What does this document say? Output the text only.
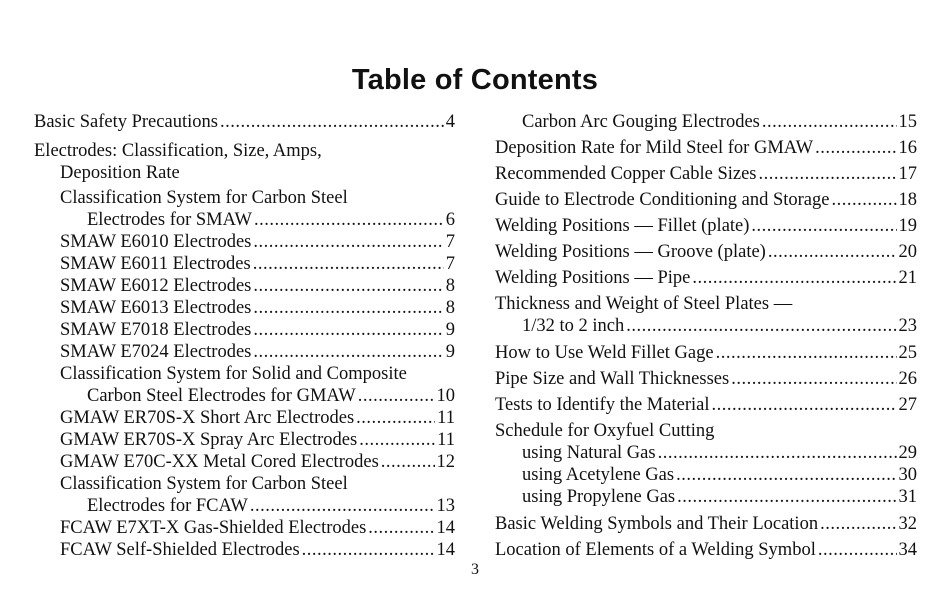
Table of Contents
Basic Safety Precautions .....	4
Electrodes: Classification, Size, Amps,
Deposition Rate
Classification System for Carbon Steel
Electrodes for SMAW .....	6
SMAW E6010 Electrodes .....	7
SMAW E6011 Electrodes .....	7
SMAW E6012 Electrodes .....	8
SMAW E6013 Electrodes .....	8
SMAW E7018 Electrodes .....	9
SMAW E7024 Electrodes .....	9
Classification System for Solid and Composite
Carbon Steel Electrodes for GMAW .....	10
GMAW ER70S-X Short Arc Electrodes .....	11
GMAW ER70S-X Spray Arc Electrodes .....	11
GMAW E70C-XX Metal Cored Electrodes .....	12
Classification System for Carbon Steel
Electrodes for FCAW .....	13
FCAW E7XT-X Gas-Shielded Electrodes .....	14
FCAW Self-Shielded Electrodes .....	14
Carbon Arc Gouging Electrodes .....	15
Deposition Rate for Mild Steel for GMAW .....	16
Recommended Copper Cable Sizes .....	17
Guide to Electrode Conditioning and Storage .....	18
Welding Positions — Fillet (plate) .....	19
Welding Positions — Groove (plate) .....	20
Welding Positions — Pipe .....	21
Thickness and Weight of Steel Plates —
1/32 to 2 inch .....	23
How to Use Weld Fillet Gage .....	25
Pipe Size and Wall Thicknesses .....	26
Tests to Identify the Material .....	27
Schedule for Oxyfuel Cutting
using Natural Gas .....	29
using Acetylene Gas .....	30
using Propylene Gas .....	31
Basic Welding Symbols and Their Location .....	32
Location of Elements of a Welding Symbol .....	34
3
